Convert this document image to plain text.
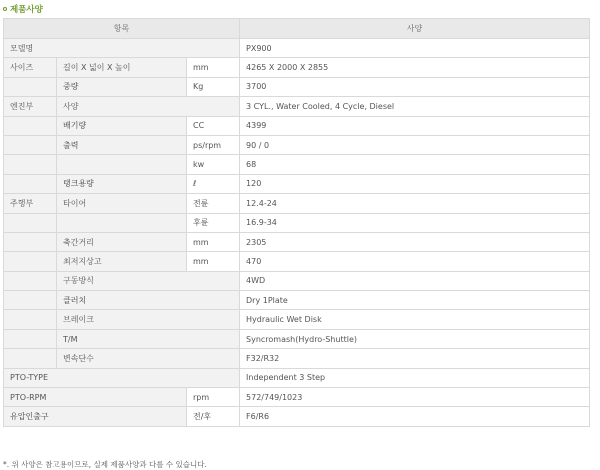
제품사양
항목			사양
모델명			PX900
사이즈	길이 X 넓이 X 높이	mm	4265 X 2000 X 2855
	중량	Kg	3700
엔진부	사양		3 CYL., Water Cooled, 4 Cycle, Diesel
	배기량	CC	4399
	출력	ps/rpm	90 / 0
		kw	68
	탱크용량	ℓ	120
주행부	타이어	전륜	12.4-24
		후륜	16.9-34
	축간거리	mm	2305
	최저지상고	mm	470
	구동방식		4WD
	클러치		Dry 1Plate
	브레이크		Hydraulic Wet Disk
	T/M		Syncromash(Hydro-Shuttle)
	변속단수		F32/R32
PTO-TYPE			Independent 3 Step
PTO-RPM		rpm	572/749/1023
유압인출구		전/후	F6/R6
*. 위 사양은 참고용이므로, 실제 제품사양과 다를 수 있습니다.
